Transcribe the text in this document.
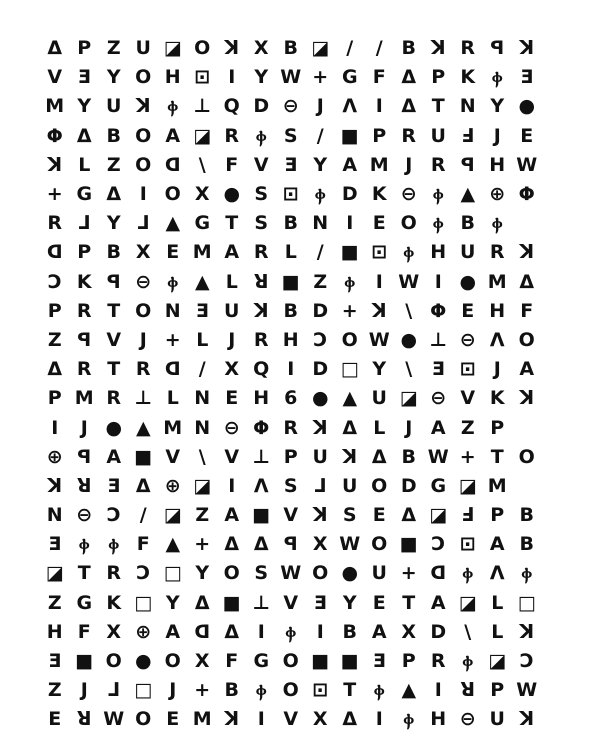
Δ P Z U ◪ O ꓘ X B ◪ /	/ B ꓘ R ꟼ ꓘ
V Ǝ Y O H ⊡ I	Y W + G F Δ P K ⲫ Ǝ
M Y U ꓘ ⲫ ⊥ Q D ⊖ J Λ I Δ T N Y ●
Φ Δ B O A ◪ R ⲫ S	/ ■ P R U Ⅎ	J	E
ꓘ L Z O ᗡ \	F V Ǝ Y A M J R ꟼ H W
+ G Δ I O X ● S ⊡ ⲫ D K ⊖ ⲫ ▲ ⊕ Φ
R ⅃ Y ⅃ ▲ G T S B N I	E O ⲫ B ⲫ
ᗡ P B X E M A R L	/ ■ ⊡ ⲫ H U R ꓘ
Ↄ K ꟼ ⊖ ⲫ ▲ L ꓤ ■ Z ⲫ	I W I ● M Δ
P R T O N Ǝ U ꓘ B D + ꓘ \ Φ E H F
Z ꟼ V J + L	J R H Ↄ O W ● ⊥ ⊖ Λ O
Δ R T R ᗡ / X Q I D □ Y	\	Ǝ ⊡ J A
P M R ⊥ L N E H 6 ● ▲ U ◪ ⊖ V K ꓘ
I	J ● ▲ M N ⊖ Φ R ꓘ Δ L	J A Z P
⊕ ꟼ A ■ V \ V ⊥ P U ꓘ Δ B W + T O
ꓘ ꓤ Ǝ Δ ⊕ ◪ I Λ S ⅃ U O D G ◪ M
N ⊖ Ↄ	/ ◪ Z A ■ V ꓘ S E Δ ◪ Ⅎ P B
Ǝ ⲫ	ⲫ F ▲ + Δ Δ ꟼ X W O ■ Ↄ ⊡ A B
◪ T R Ↄ □ Y O S W O ● U + ᗡ ⲫ Λ ⲫ
Z G K □ Y Δ ■ ⊥ V Ǝ Y E T A ◪ L □
H F X ⊕ A ᗡ Δ I	ⲫ	I B A X D \	L ꓘ
Ǝ ■ O ● O X F G O ■ ■ Ǝ P R ⲫ ◪ Ↄ
Z	J	⅃ □ J + B ⲫ O ⊡ T ⲫ ▲ I ꓤ P W
E ꓤ W O E M ꓘ I V X Δ I	ⲫ H ⊖ U ꓘ
